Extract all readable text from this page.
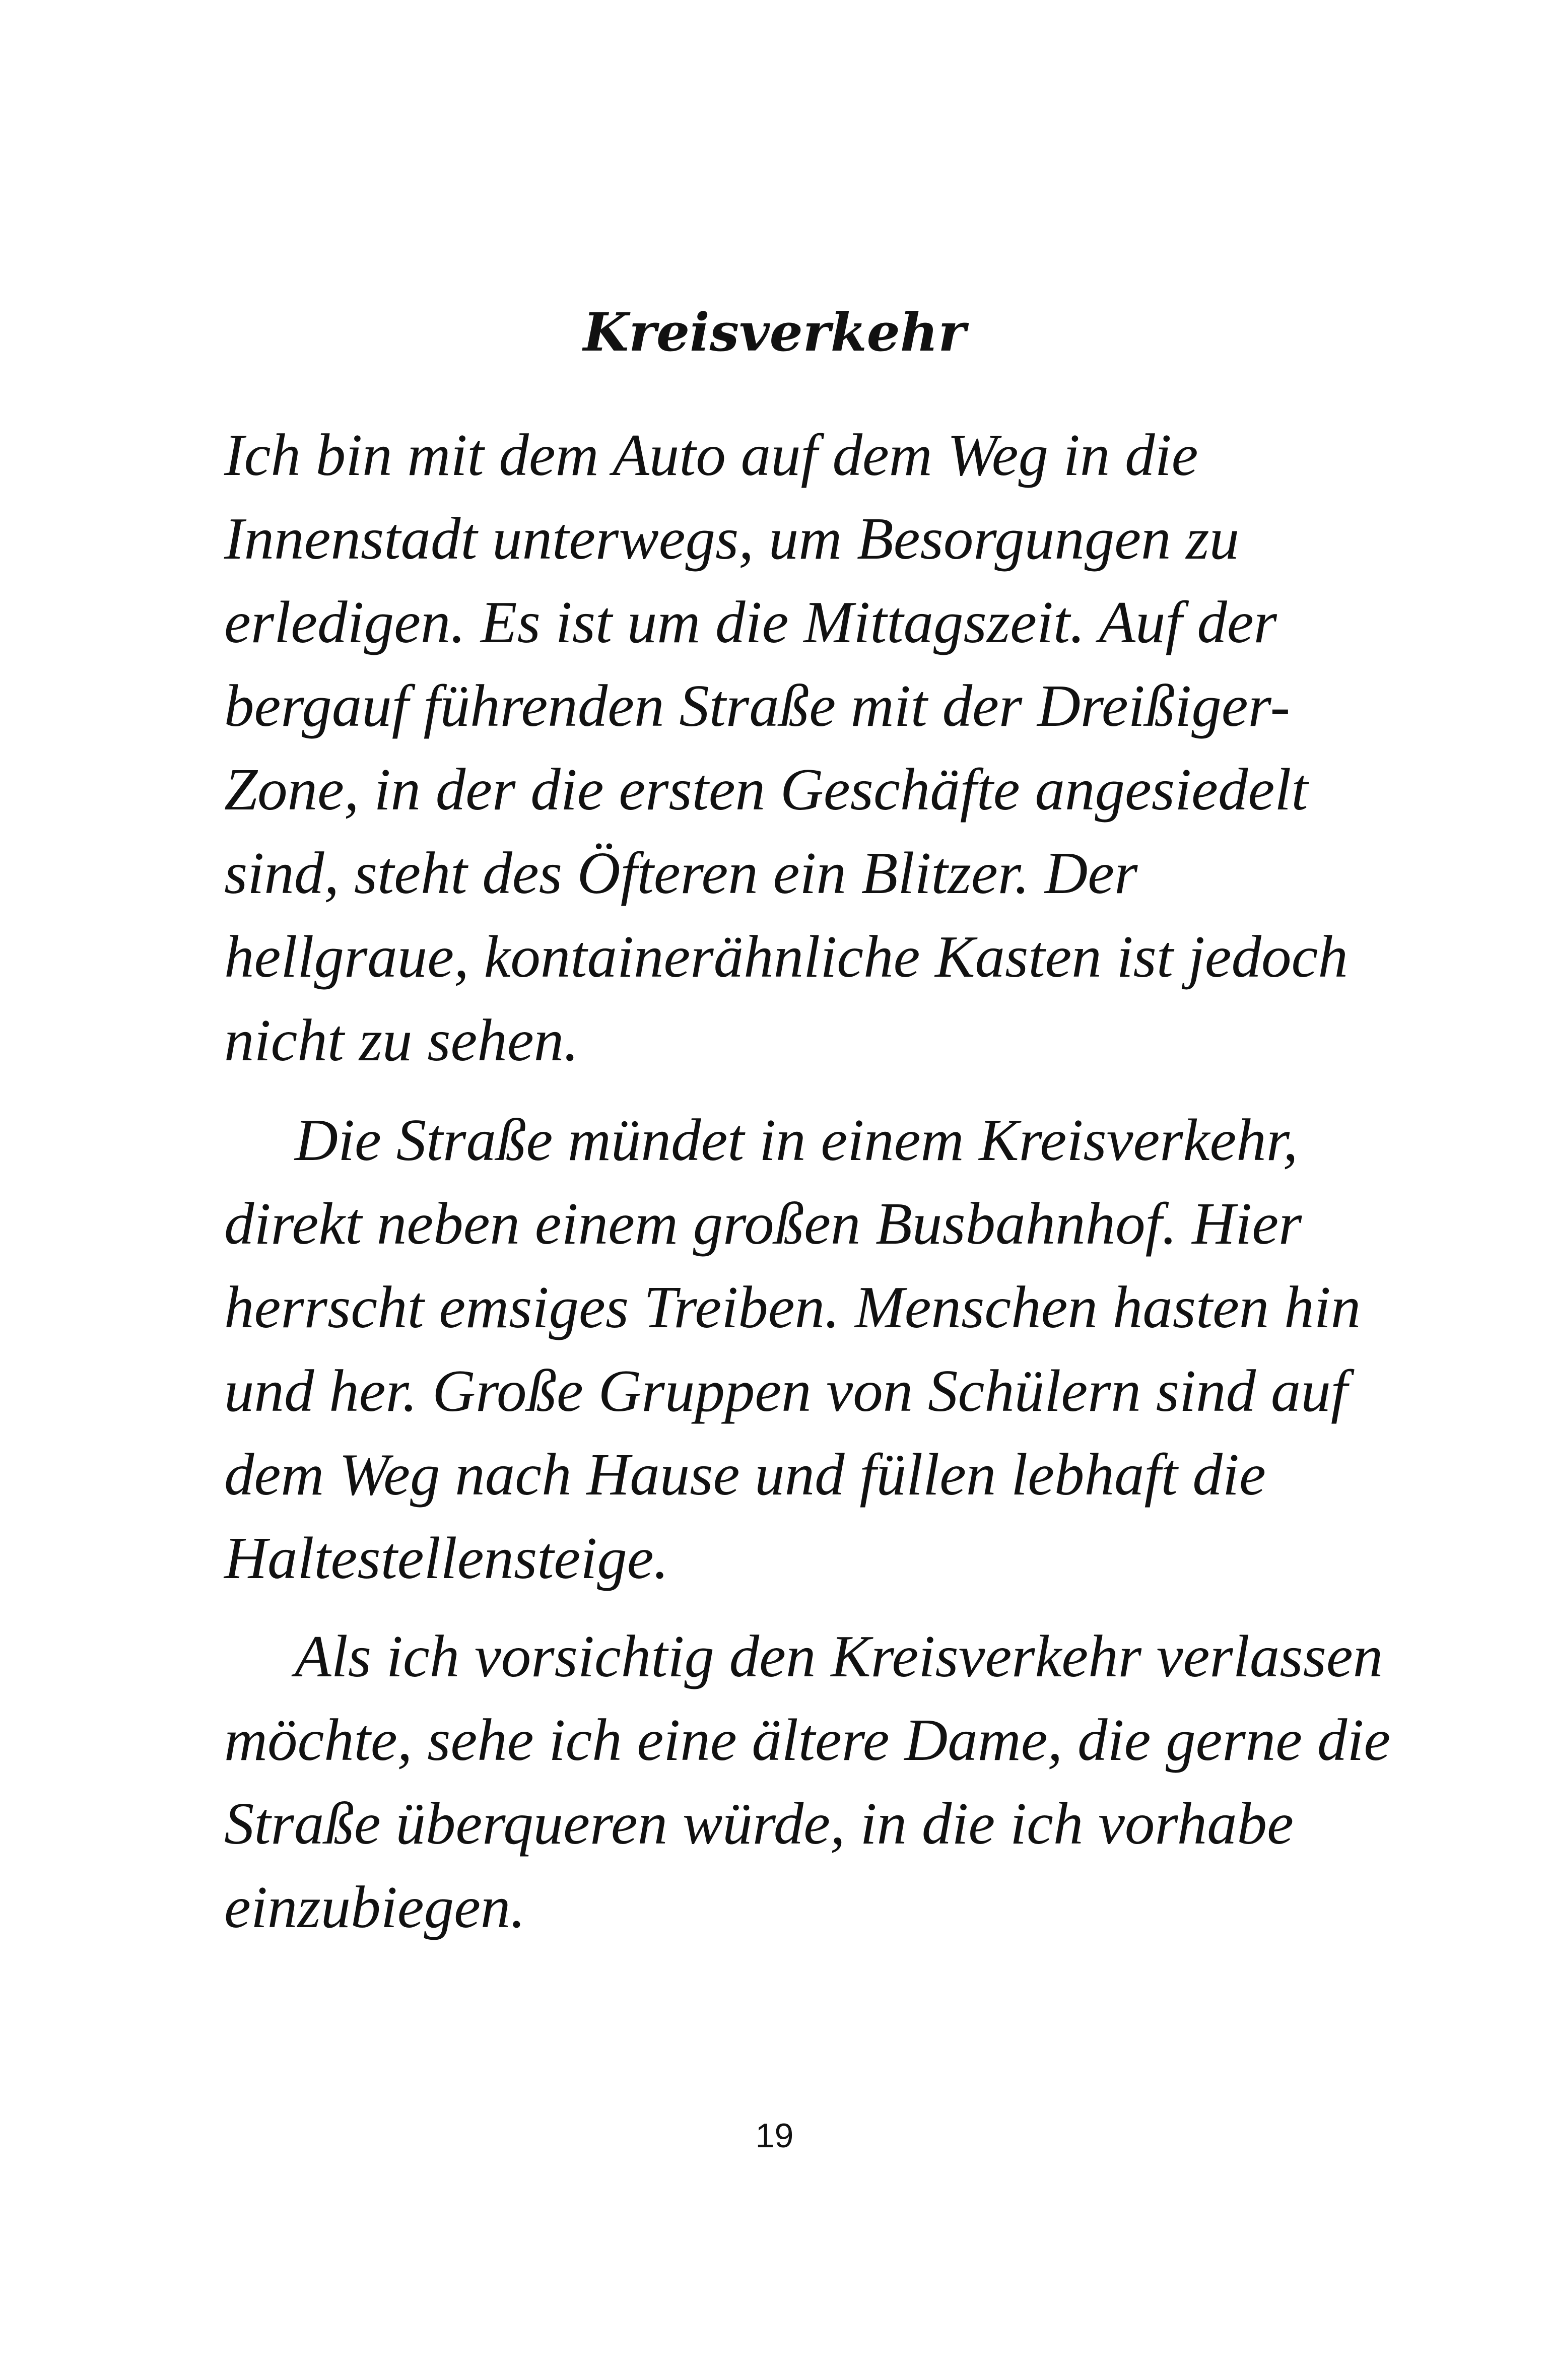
Kreisverkehr

Ich bin mit dem Auto auf dem Weg in die
Innenstadt unterwegs, um Besorgungen zu
erledigen. Es ist um die Mittagszeit. Auf der
bergauf führenden Straße mit der Dreißiger-
Zone, in der die ersten Geschäfte angesiedelt
sind, steht des Öfteren ein Blitzer. Der
hellgraue, kontainerähnliche Kasten ist jedoch
nicht zu sehen.

Die Straße mündet in einem Kreisverkehr,
direkt neben einem großen Busbahnhof. Hier
herrscht emsiges Treiben. Menschen hasten hin
und her. Große Gruppen von Schülern sind auf
dem Weg nach Hause und füllen lebhaft die
Haltestellensteige.

Als ich vorsichtig den Kreisverkehr verlassen
möchte, sehe ich eine ältere Dame, die gerne die
Straße überqueren würde, in die ich vorhabe
einzubiegen.

19
